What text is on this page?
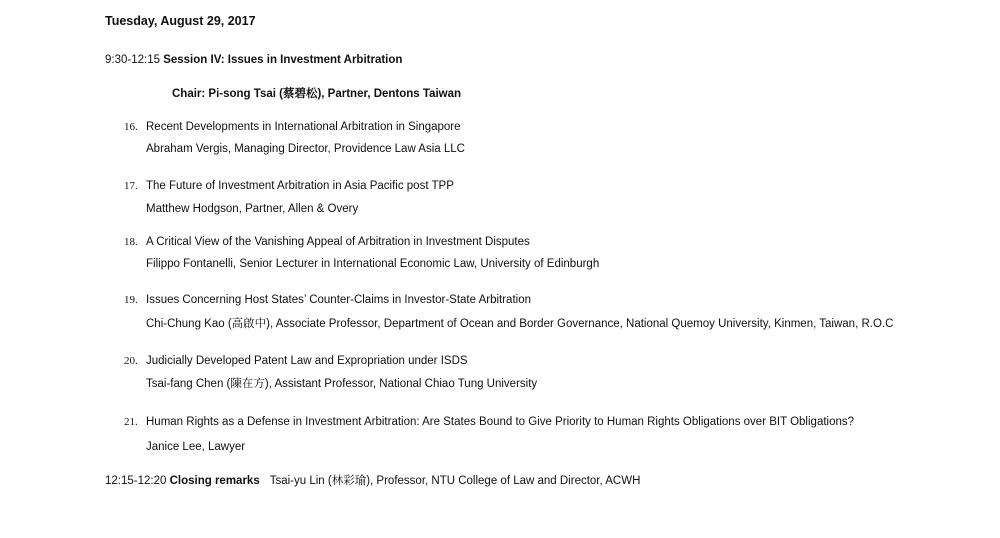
Tuesday, August 29, 2017
9:30-12:15 Session IV: Issues in Investment Arbitration
Chair: Pi-song Tsai (蔡碧松), Partner, Dentons Taiwan
16. Recent Developments in International Arbitration in Singapore
Abraham Vergis, Managing Director, Providence Law Asia LLC
17. The Future of Investment Arbitration in Asia Pacific post TPP
Matthew Hodgson, Partner, Allen & Overy
18. A Critical View of the Vanishing Appeal of Arbitration in Investment Disputes
Filippo Fontanelli, Senior Lecturer in International Economic Law, University of Edinburgh
19. Issues Concerning Host States’ Counter-Claims in Investor-State Arbitration
Chi-Chung Kao (高啟中), Associate Professor, Department of Ocean and Border Governance, National Quemoy University, Kinmen, Taiwan, R.O.C
20. Judicially Developed Patent Law and Expropriation under ISDS
Tsai-fang Chen (陳在方), Assistant Professor, National Chiao Tung University
21. Human Rights as a Defense in Investment Arbitration: Are States Bound to Give Priority to Human Rights Obligations over BIT Obligations?
Janice Lee, Lawyer
12:15-12:20 Closing remarks Tsai-yu Lin (林彩瑜), Professor, NTU College of Law and Director, ACWH
